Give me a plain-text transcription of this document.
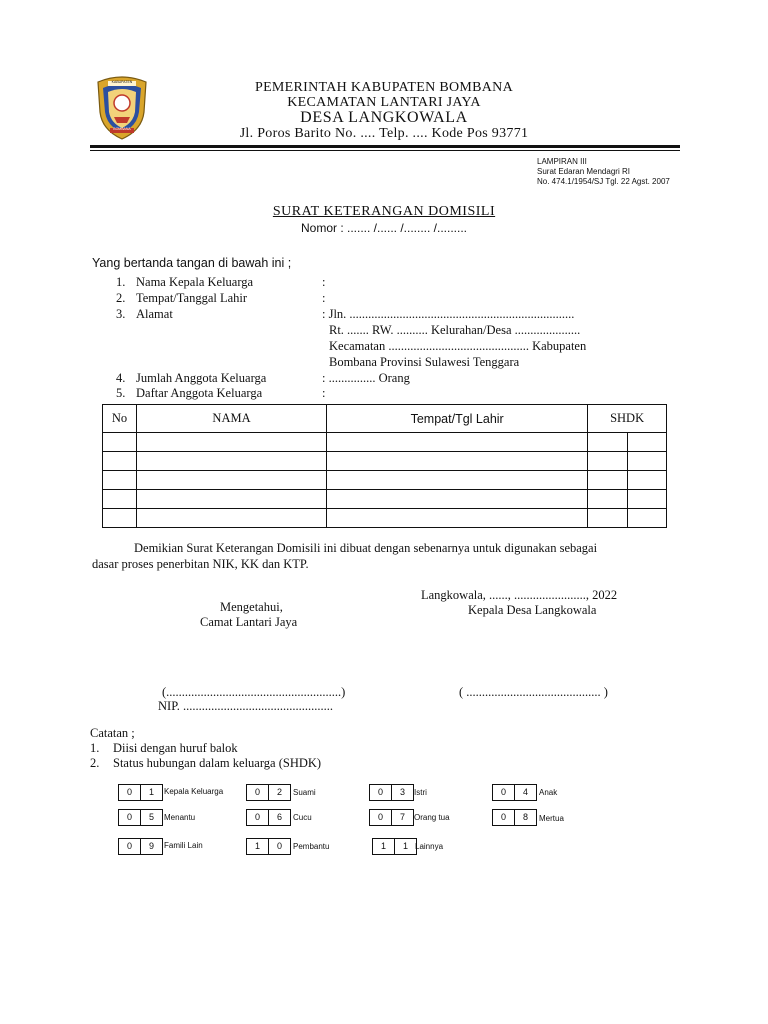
KABUPATEN
BOMBANA
PEMERINTAH KABUPATEN BOMBANA
KECAMATAN LANTARI JAYA
DESA LANGKOWALA
Jl. Poros Barito No. .... Telp. .... Kode Pos 93771
LAMPIRAN III
Surat Edaran Mendagri RI
No. 474.1/1954/SJ Tgl. 22 Agst. 2007
SURAT KETERANGAN DOMISILI
Nomor : ....... /...... /........ /.........
Yang bertanda tangan di bawah ini ;
1. Nama Kepala Keluarga	:
2. Tempat/Tanggal Lahir	:
3. Alamat	: Jln. ........................................................................
Rt. ....... RW. .......... Kelurahan/Desa .....................
Kecamatan ............................................. Kabupaten
Bombana Provinsi Sulawesi Tenggara
4. Jumlah Anggota Keluarga	: ............... Orang
5. Daftar Anggota Keluarga	:
No	NAMA	Tempat/Tgl Lahir	SHDK	

Demikian Surat Keterangan Domisili ini dibuat dengan sebenarnya untuk digunakan sebagai
dasar proses penerbitan NIK, KK dan KTP.
Langkowala, ......, ......................., 2022
Kepala Desa Langkowala
Mengetahui,
Camat Lantari Jaya
(........................................................)	( ........................................... )
NIP. ................................................
Catatan ;
1. Diisi dengan huruf balok
2. Status hubungan dalam keluarga (SHDK)
0	1	Kepala Keluarga	0	2	Suami	0	3	Istri	0	4	Anak
0	5	Menantu	0	6	Cucu	0	7	Orang tua	0	8	Mertua
0	9	Famili Lain	1	0	Pembantu	1	1 Lainnya
